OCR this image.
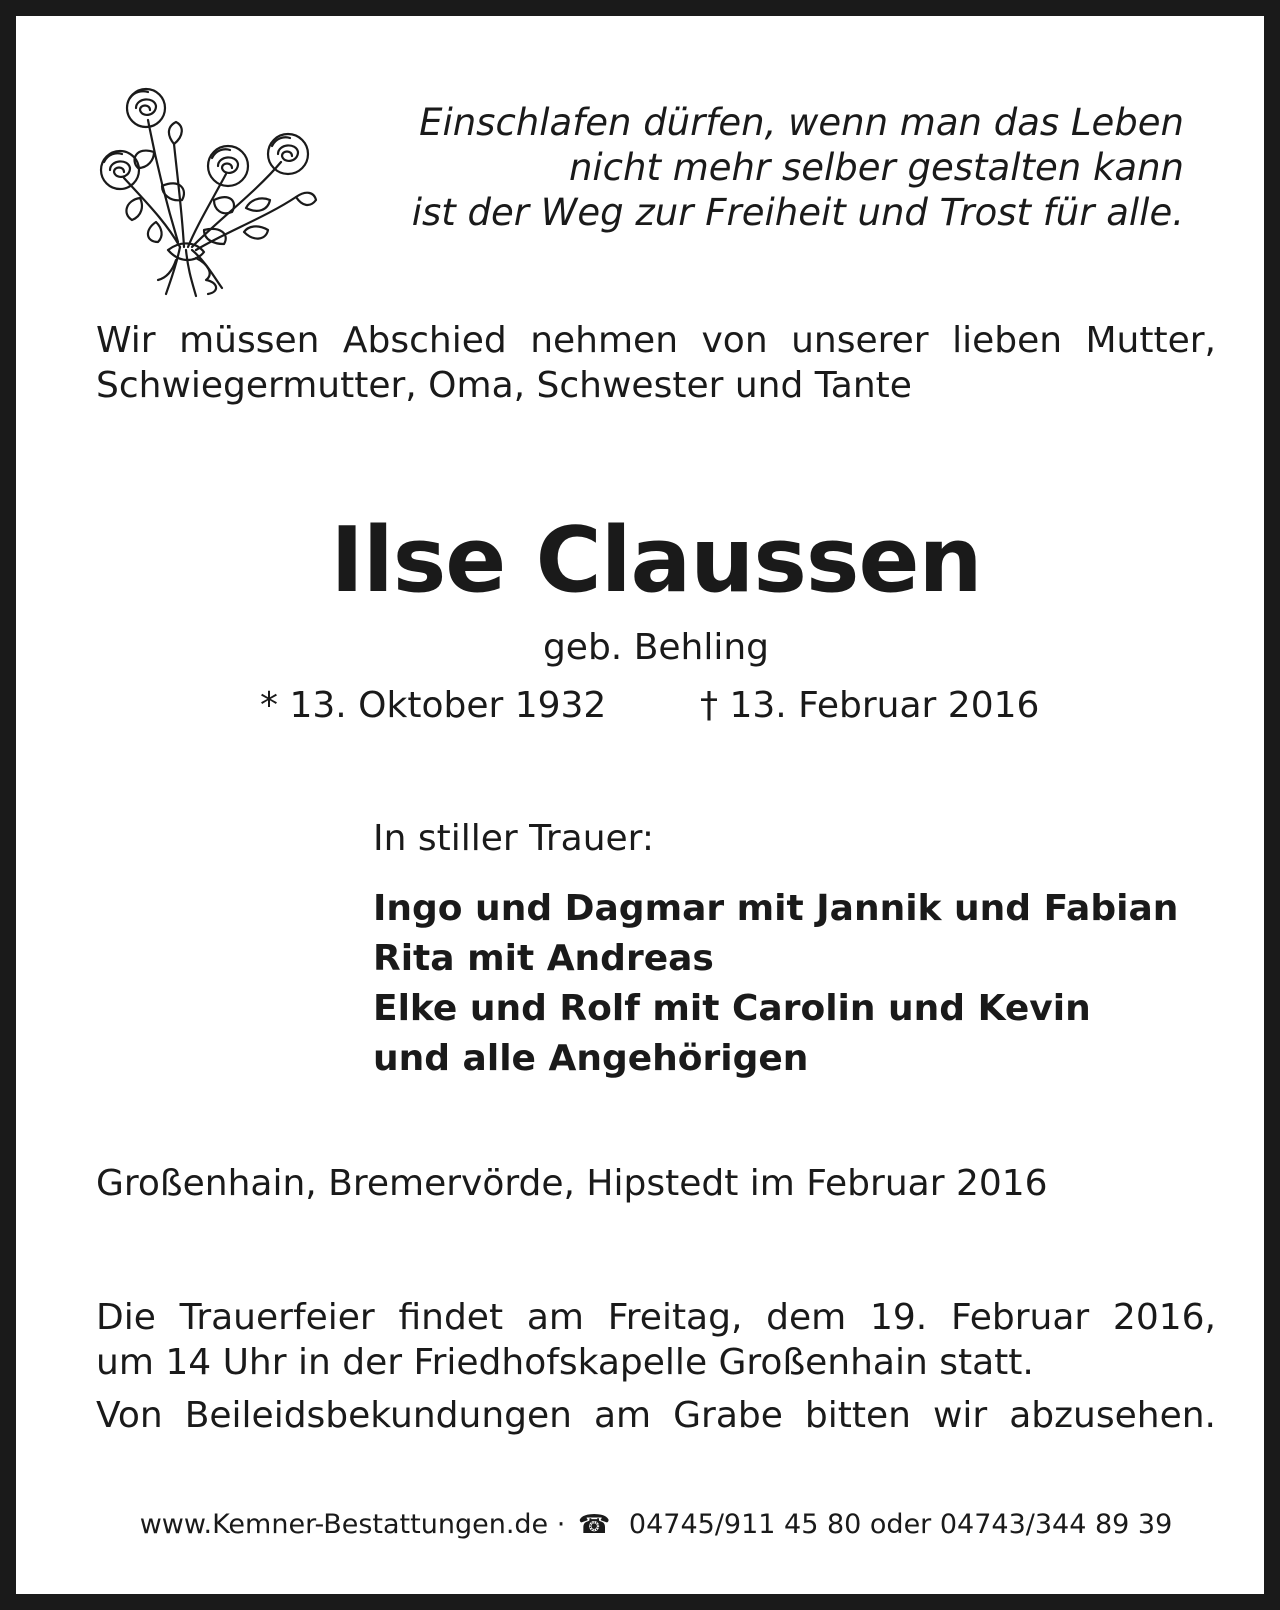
Einschlafen dürfen, wenn man das Leben
nicht mehr selber gestalten kann
ist der Weg zur Freiheit und Trost für alle.
Wir müssen Abschied nehmen von unserer lieben Mutter,
Schwiegermutter, Oma, Schwester und Tante
Ilse Claussen
geb. Behling
* 13. Oktober 1932	† 13. Februar 2016
In stiller Trauer:
Ingo und Dagmar mit Jannik und Fabian
Rita mit Andreas
Elke und Rolf mit Carolin und Kevin
und alle Angehörigen
Großenhain, Bremervörde, Hipstedt im Februar 2016
Die Trauerfeier findet am Freitag, dem 19. Februar 2016,
um 14 Uhr in der Friedhofskapelle Großenhain statt.
Von Beileidsbekundungen am Grabe bitten wir abzusehen.
www.Kemner-Bestattungen.de · ☎ 04745/911 45 80 oder 04743/344 89 39
